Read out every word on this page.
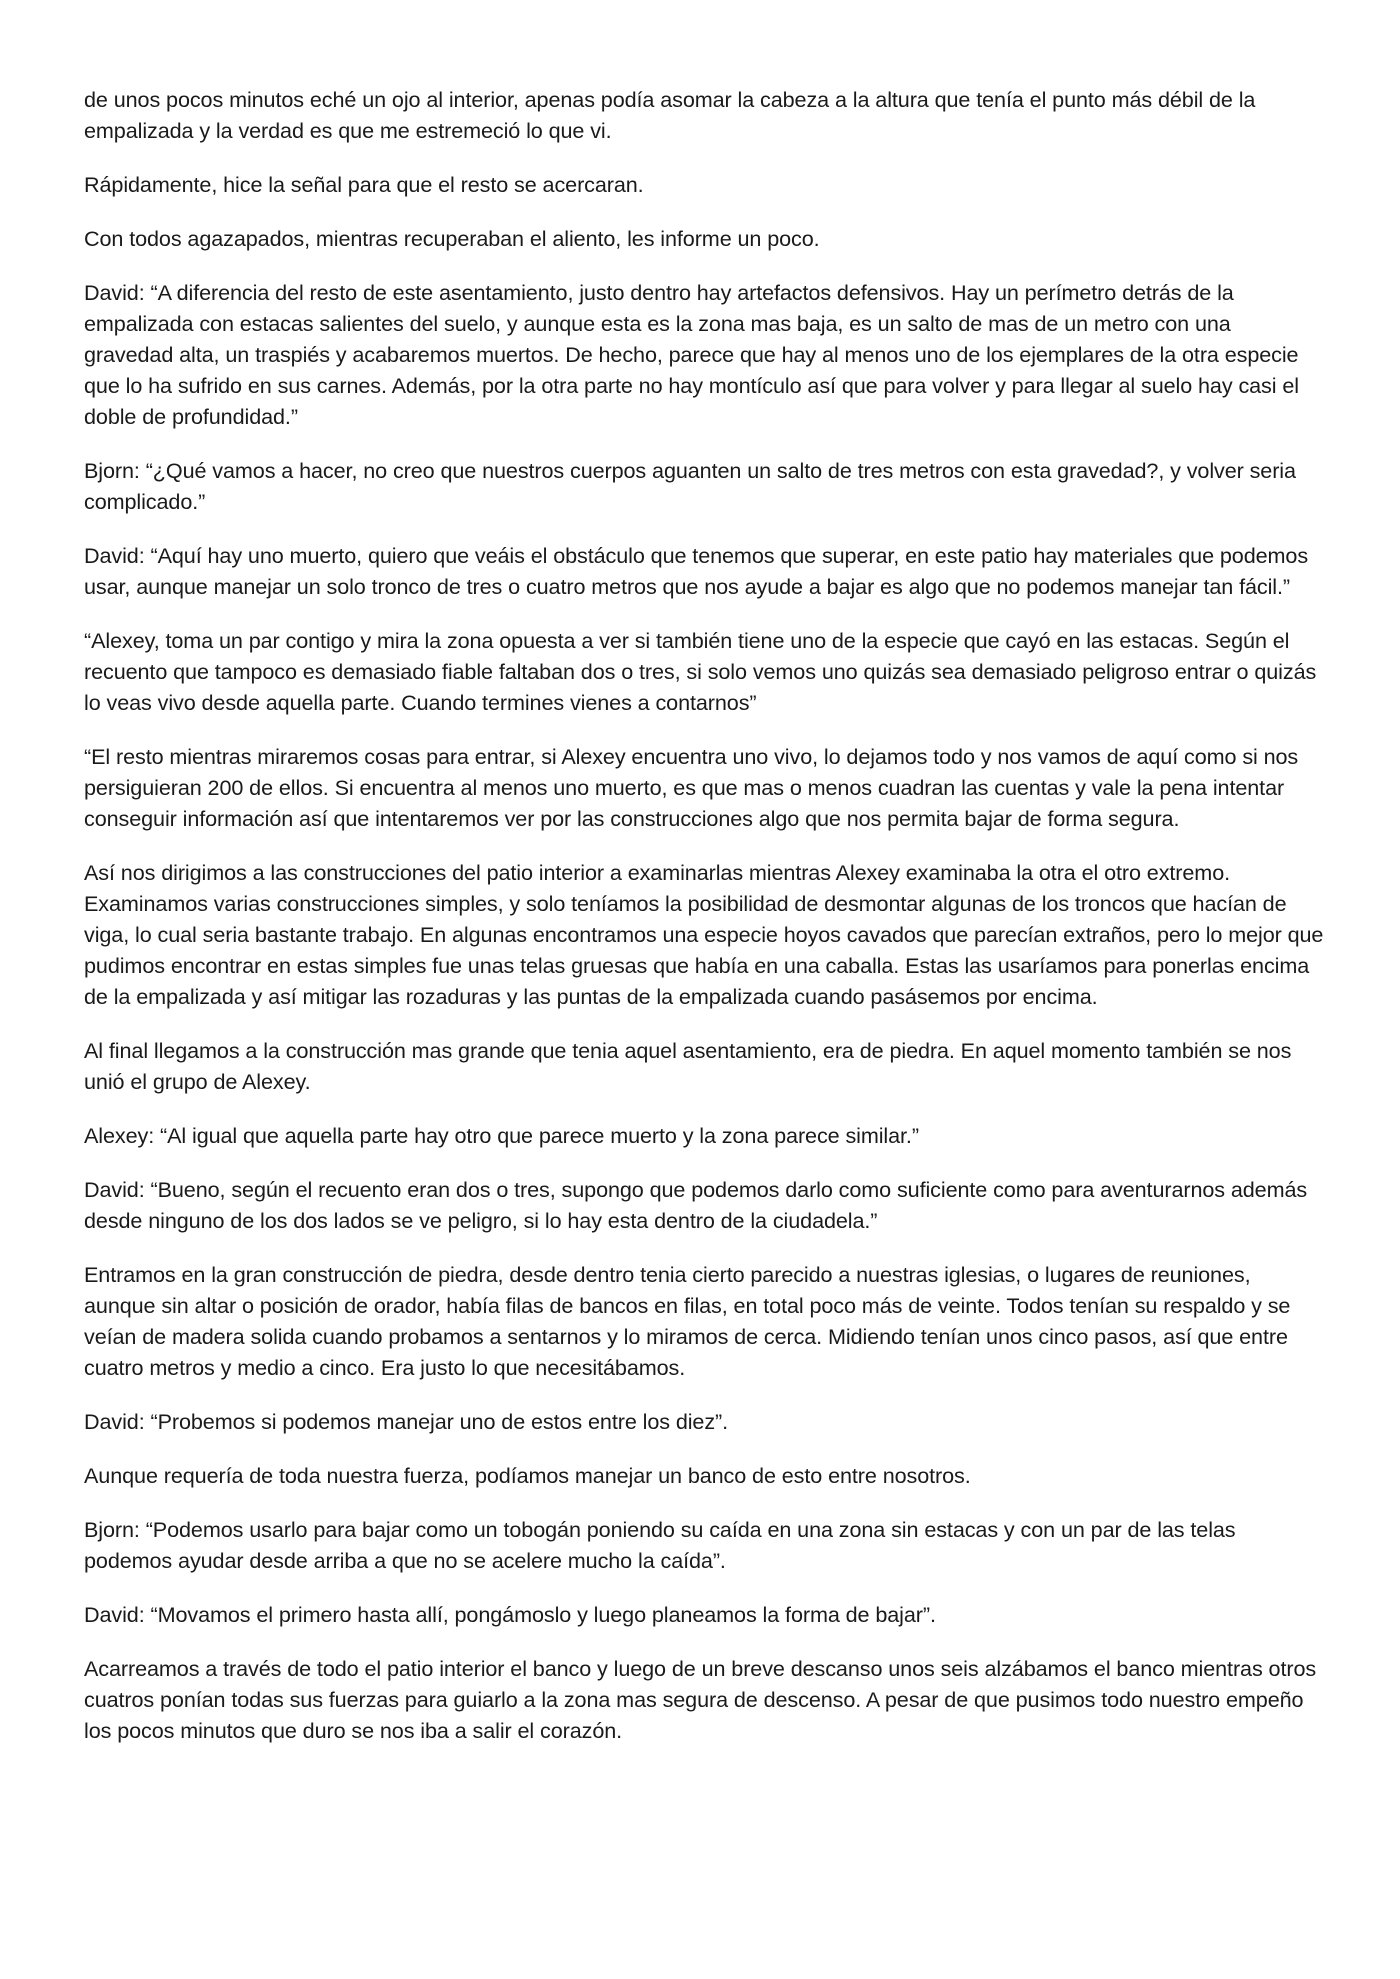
de unos pocos minutos eché un ojo al interior, apenas podía asomar la cabeza a la altura que tenía el punto más débil de la empalizada y la verdad es que me estremeció lo que vi.

Rápidamente, hice la señal para que el resto se acercaran.

Con todos agazapados, mientras recuperaban el aliento, les informe un poco.

David: “A diferencia del resto de este asentamiento, justo dentro hay artefactos defensivos. Hay un perímetro detrás de la empalizada con estacas salientes del suelo, y aunque esta es la zona mas baja, es un salto de mas de un metro con una gravedad alta, un traspiés y acabaremos muertos. De hecho, parece que hay al menos uno de los ejemplares de la otra especie que lo ha sufrido en sus carnes. Además, por la otra parte no hay montículo así que para volver y para llegar al suelo hay casi el doble de profundidad.”

Bjorn: “¿Qué vamos a hacer, no creo que nuestros cuerpos aguanten un salto de tres metros con esta gravedad?, y volver seria complicado.”

David: “Aquí hay uno muerto, quiero que veáis el obstáculo que tenemos que superar, en este patio hay materiales que podemos usar, aunque manejar un solo tronco de tres o cuatro metros que nos ayude a bajar es algo que no podemos manejar tan fácil.”

“Alexey, toma un par contigo y mira la zona opuesta a ver si también tiene uno de la especie que cayó en las estacas. Según el recuento que tampoco es demasiado fiable faltaban dos o tres, si solo vemos uno quizás sea demasiado peligroso entrar o quizás lo veas vivo desde aquella parte. Cuando termines vienes a contarnos”

“El resto mientras miraremos cosas para entrar, si Alexey encuentra uno vivo, lo dejamos todo y nos vamos de aquí como si nos persiguieran 200 de ellos. Si encuentra al menos uno muerto, es que mas o menos cuadran las cuentas y vale la pena intentar conseguir información así que intentaremos ver por las construcciones algo que nos permita bajar de forma segura.

Así nos dirigimos a las construcciones del patio interior a examinarlas mientras Alexey examinaba la otra el otro extremo. Examinamos varias construcciones simples, y solo teníamos la posibilidad de desmontar algunas de los troncos que hacían de viga, lo cual seria bastante trabajo. En algunas encontramos una especie hoyos cavados que parecían extraños, pero lo mejor que pudimos encontrar en estas simples fue unas telas gruesas que había en una caballa. Estas las usaríamos para ponerlas encima de la empalizada y así mitigar las rozaduras y las puntas de la empalizada cuando pasásemos por encima.

Al final llegamos a la construcción mas grande que tenia aquel asentamiento, era de piedra. En aquel momento también se nos unió el grupo de Alexey.

Alexey: “Al igual que aquella parte hay otro que parece muerto y la zona parece similar.”

David: “Bueno, según el recuento eran dos o tres, supongo que podemos darlo como suficiente como para aventurarnos además desde ninguno de los dos lados se ve peligro, si lo hay esta dentro de la ciudadela.”

Entramos en la gran construcción de piedra, desde dentro tenia cierto parecido a nuestras iglesias, o lugares de reuniones, aunque sin altar o posición de orador, había filas de bancos en filas, en total poco más de veinte. Todos tenían su respaldo y se veían de madera solida cuando probamos a sentarnos y lo miramos de cerca. Midiendo tenían unos cinco pasos, así que entre cuatro metros y medio a cinco. Era justo lo que necesitábamos.

David: “Probemos si podemos manejar uno de estos entre los diez”.

Aunque requería de toda nuestra fuerza, podíamos manejar un banco de esto entre nosotros.

Bjorn: “Podemos usarlo para bajar como un tobogán poniendo su caída en una zona sin estacas y con un par de las telas podemos ayudar desde arriba a que no se acelere mucho la caída”.

David: “Movamos el primero hasta allí, pongámoslo y luego planeamos la forma de bajar”.

Acarreamos a través de todo el patio interior el banco y luego de un breve descanso unos seis alzábamos el banco mientras otros cuatros ponían todas sus fuerzas para guiarlo a la zona mas segura de descenso. A pesar de que pusimos todo nuestro empeño los pocos minutos que duro se nos iba a salir el corazón.
